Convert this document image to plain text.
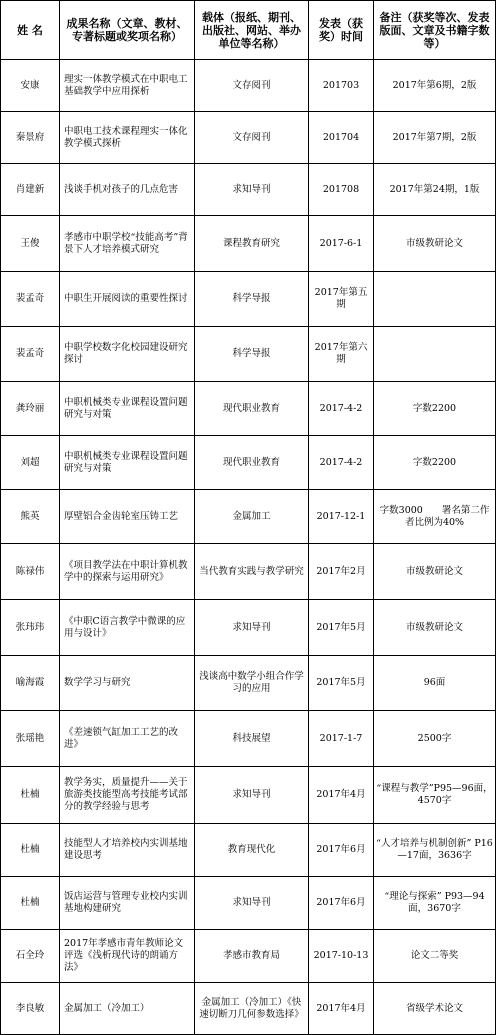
姓 名	成果名称（文章、教材、专著标题或奖项名称）	载体（报纸、期刊、出版社、网站、举办单位等名称）	发表（获奖）时间	备注（获奖等次、发表版面、文章及书籍字数等）
安康	理实一体教学模式在中职电工基础教学中应用探析	文存阅刊	201703	2017年第6期，2版
秦景府	中职电工技术课程理实一体化教学模式探析	文存阅刊	201704	2017年第7期，2版
肖建新	浅谈手机对孩子的几点危害	求知导刊	201708	2017年第24期，1版
王俊	孝感市中职学校“技能高考”背景下人才培养模式研究	课程教育研究	2017-6-1	市级教研论文
裴孟奇	中职生开展阅读的重要性探讨	科学导报	2017年第五期	
裴孟奇	中职学校数字化校园建设研究探讨	科学导报	2017年第六期	
龚玲丽	中职机械类专业课程设置问题研究与对策	现代职业教育	2017-4-2	字数2200
刘超	中职机械类专业课程设置问题研究与对策	现代职业教育	2017-4-2	字数2200
熊英	厚壁铝合金齿轮室压铸工艺	金属加工	2017-12-1	字数3000　　署名第二作者比例为40%
陈禄伟	《项目教学法在中职计算机教学中的探索与运用研究》	当代教育实践与教学研究	2017年2月	市级教研论文
张玮玮	《中职C语言教学中微课的应用与设计》	求知导刊	2017年5月	市级教研论文
喻海霞	数学学习与研究	浅谈高中数学小组合作学习的应用	2017年5月	96面
张瑶艳	《差速锁气缸加工工艺的改进》	科技展望	2017-1-7	2500字
杜楠	教学务实，质量提升——关于旅游类技能型高考技能考试部分的教学经验与思考	求知导刊	2017年4月	“课程与教学”P95—96面，4570字
杜楠	技能型人才培养校内实训基地建设思考	教育现代化	2017年6月	“人才培养与机制创新” P16—17面，3636字
杜楠	饭店运营与管理专业校内实训基地构建研究	求知导刊	2017年6月	“理论与探索” P93—94面，3670字
石全玲	2017年孝感市青年教师论文评选《浅析现代诗的朗诵方法》	孝感市教育局	2017-10-13	论文二等奖
李良敏	金属加工（冷加工）	金属加工（冷加工）《快速切断刀几何参数选择》	2017年4月	省级学术论文
